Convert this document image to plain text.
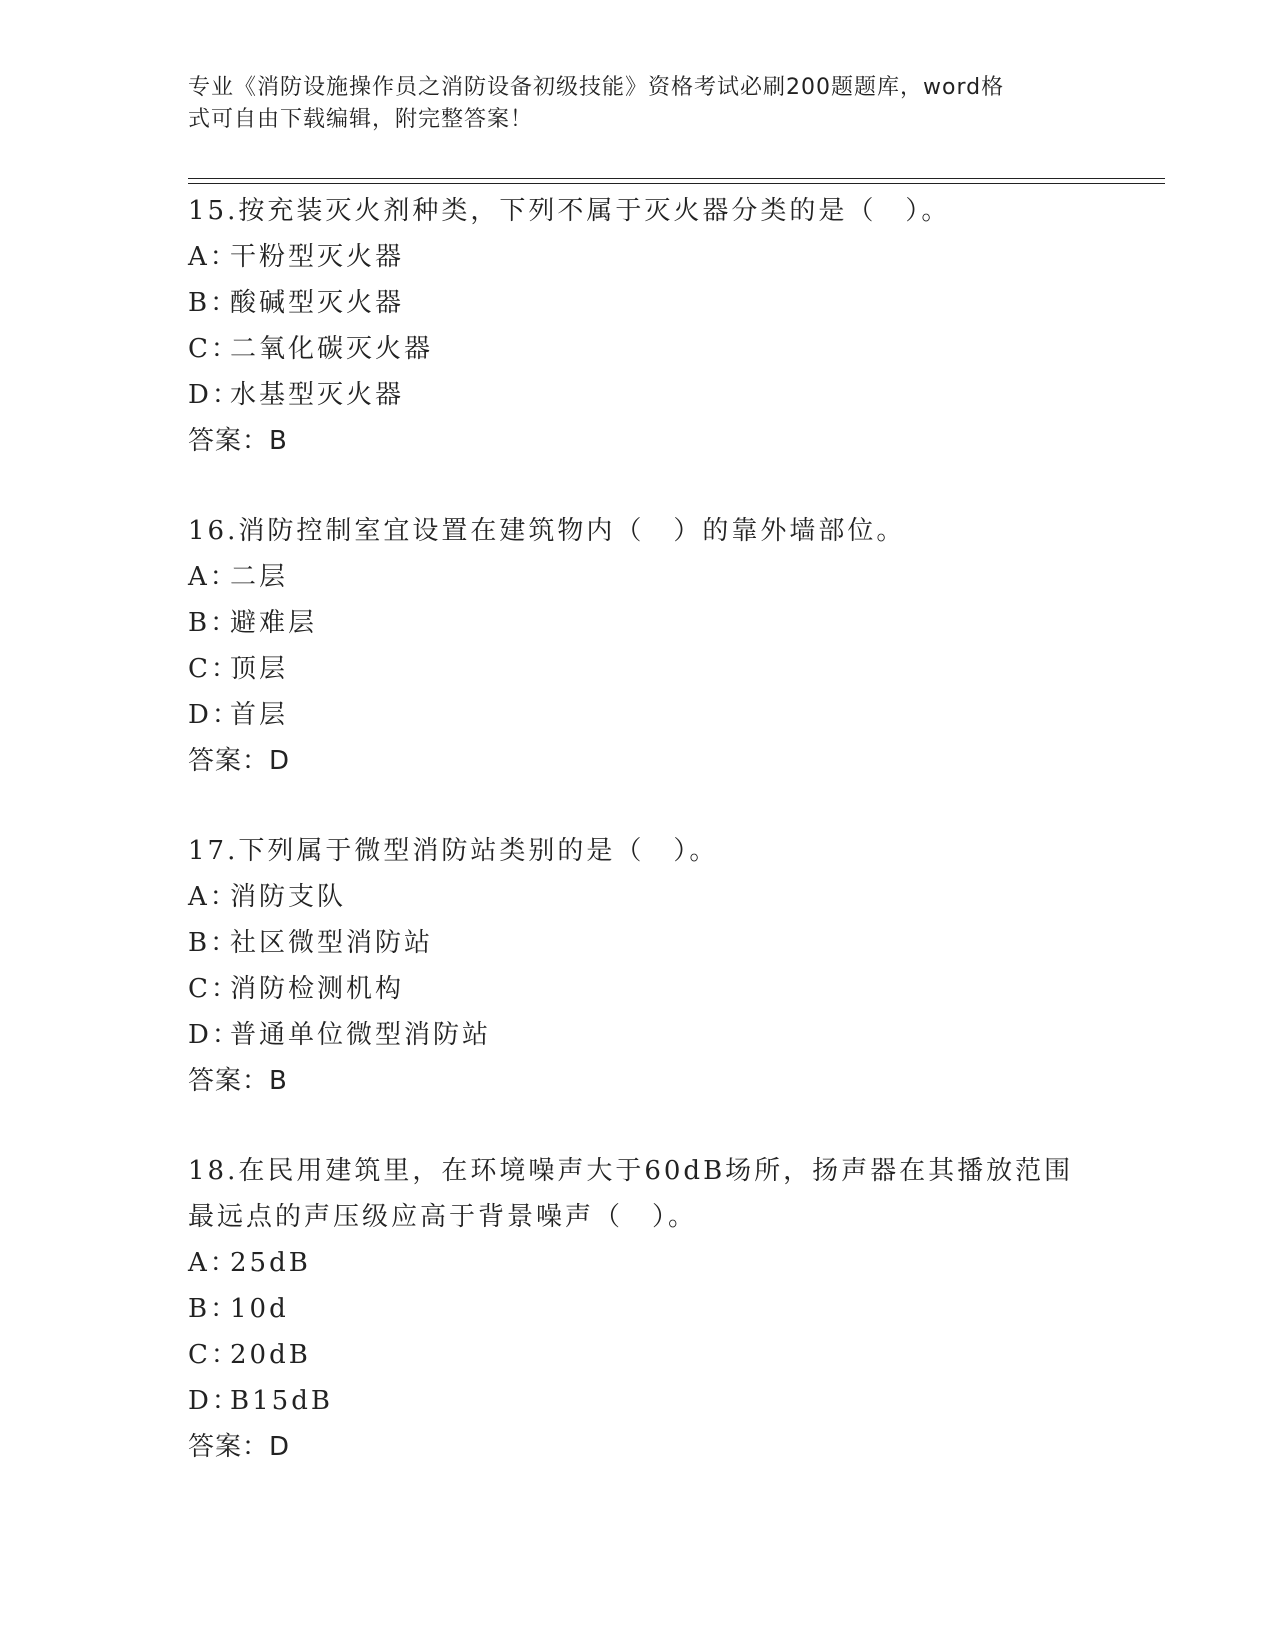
专业《消防设施操作员之消防设备初级技能》资格考试必刷200题题库，word格
式可自由下载编辑，附完整答案！
15.按充装灭火剂种类，下列不属于灭火器分类的是（　）。
A：
干粉型灭火器
B：
酸碱型灭火器
C：
二氧化碳灭火器
D：
水基型灭火器
答案：B
16.消防控制室宜设置在建筑物内（　）的靠外墙部位。
A：
二层
B：
避难层
C：
顶层
D：
首层
答案：D
17.下列属于微型消防站类别的是（　）。
A：
消防支队
B：
社区微型消防站
C：
消防检测机构
D：
普通单位微型消防站
答案：B
18.在民用建筑里，在环境噪声大于60dB场所，扬声器在其播放范围
最远点的声压级应高于背景噪声（　）。
A：
25dB
B：
10d
C：
20dB
D：
B15dB
答案：D
